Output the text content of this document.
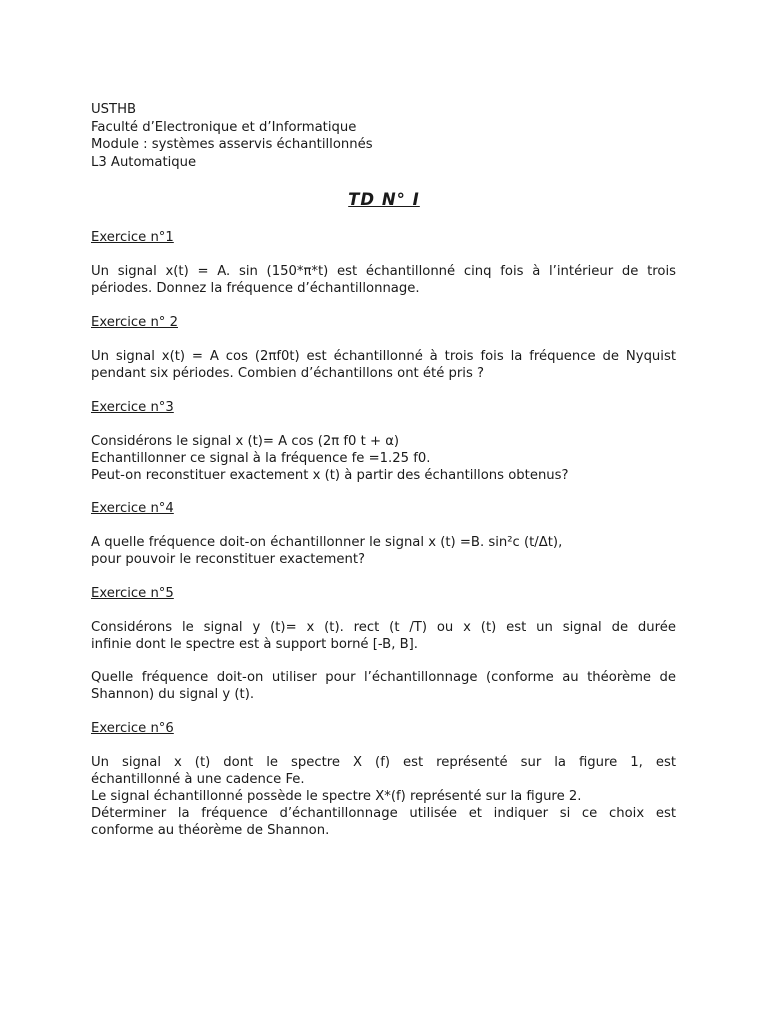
USTHB
Faculté d’Electronique et d’Informatique
Module : systèmes asservis échantillonnés
L3 Automatique
TD N° I
Exercice n°1
Un signal x(t) = A. sin (150*π*t) est échantillonné cinq fois à l’intérieur de trois
périodes. Donnez la fréquence d’échantillonnage.
Exercice n° 2
Un signal x(t) = A cos (2πf0t) est échantillonné à trois fois la fréquence de Nyquist
pendant six périodes. Combien d’échantillons ont été pris ?
Exercice n°3
Considérons le signal x (t)= A cos (2π f0 t + α)
Echantillonner ce signal à la fréquence fe =1.25 f0.
Peut-on reconstituer exactement x (t) à partir des échantillons obtenus?
Exercice n°4
A quelle fréquence doit-on échantillonner le signal x (t) =B. sin²c (t/Δt),
pour pouvoir le reconstituer exactement?
Exercice n°5
Considérons le signal y (t)= x (t). rect (t /T) ou x (t) est un signal de durée
infinie dont le spectre est à support borné [-B, B].
Quelle fréquence doit-on utiliser pour l’échantillonnage (conforme au théorème de
Shannon) du signal y (t).
Exercice n°6
Un signal x (t) dont le spectre X (f) est représenté sur la figure 1, est
échantillonné à une cadence Fe.
Le signal échantillonné possède le spectre X*(f) représenté sur la figure 2.
Déterminer la fréquence d’échantillonnage utilisée et indiquer si ce choix est
conforme au théorème de Shannon.
